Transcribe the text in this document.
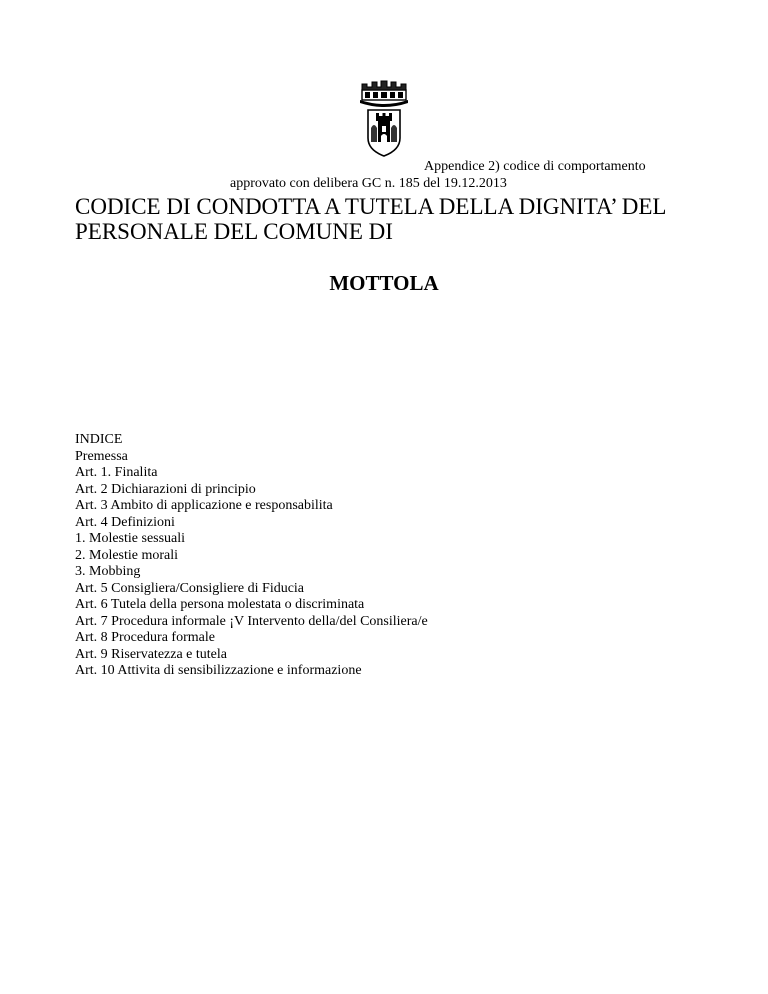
Appendice 2) codice di comportamento
approvato con delibera GC n. 185 del 19.12.2013
CODICE DI CONDOTTA A TUTELA DELLA DIGNITA’ DEL PERSONALE DEL COMUNE DI
MOTTOLA
INDICE
Premessa
Art. 1. Finalita
Art. 2 Dichiarazioni di principio
Art. 3 Ambito di applicazione e responsabilita
Art. 4 Definizioni
1. Molestie sessuali
2. Molestie morali
3. Mobbing
Art. 5 Consigliera/Consigliere di Fiducia
Art. 6 Tutela della persona molestata o discriminata
Art. 7 Procedura informale ¡V Intervento della/del Consiliera/e
Art. 8 Procedura formale
Art. 9 Riservatezza e tutela
Art. 10 Attivita di sensibilizzazione e informazione
